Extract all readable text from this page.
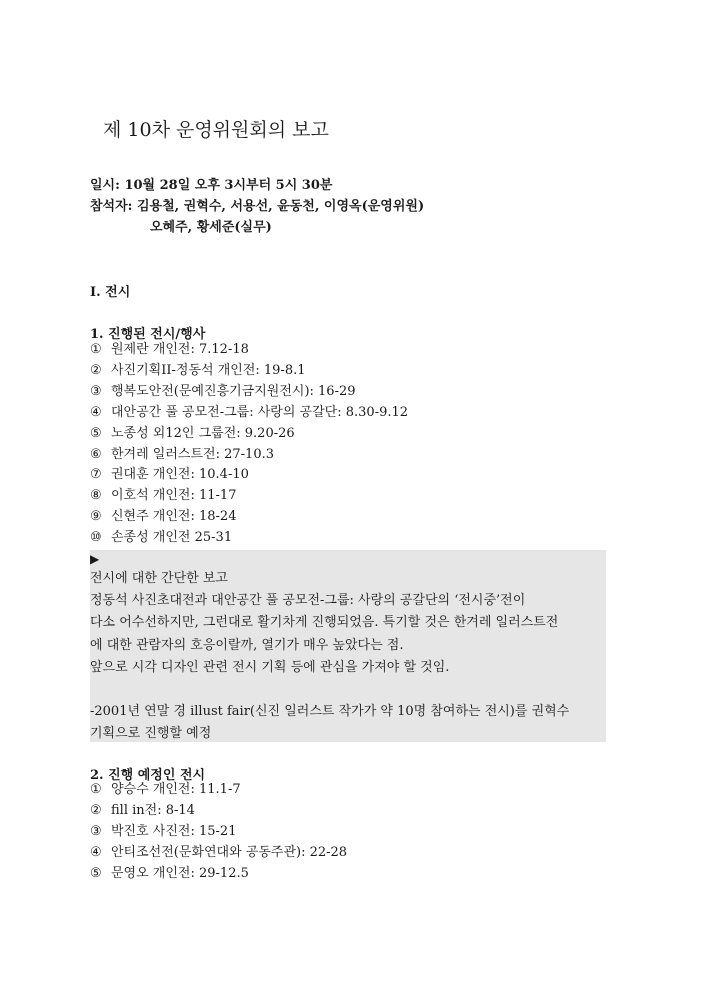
제 10차 운영위원회의 보고
일시: 10월 28일 오후 3시부터 5시 30분
참석자: 김용철, 권혁수, 서용선, 윤동천, 이영옥(운영위원)
오혜주, 황세준(실무)
I. 전시
1. 진행된 전시/행사
① 원제란 개인전: 7.12-18
② 사진기획II-정동석 개인전: 19-8.1
③ 행복도안전(문예진흥기금지원전시): 16-29
④ 대안공간 풀 공모전-그룹: 사랑의 공갈단: 8.30-9.12
⑤ 노종성 외12인 그룹전: 9.20-26
⑥ 한겨레 일러스트전: 27-10.3
⑦ 권대훈 개인전: 10.4-10
⑧ 이호석 개인전: 11-17
⑨ 신현주 개인전: 18-24
⑩ 손종성 개인전 25-31
▶

전시에 대한 간단한 보고

정동석 사진초대전과 대안공간 풀 공모전-그룹: 사랑의 공갈단의 ‘전시중’전이

다소 어수선하지만, 그런대로 활기차게 진행되었음. 특기할 것은 한겨레 일러스트전

에 대한 관람자의 호응이랄까, 열기가 매우 높았다는 점.

앞으로 시각 디자인 관련 전시 기획 등에 관심을 가져야 할 것임.

-2001년 연말 경 illust fair(신진 일러스트 작가가 약 10명 참여하는 전시)를 권혁수

기획으로 진행할 예정

2. 진행 예정인 전시
① 양승수 개인전: 11.1-7
② fill in전: 8-14
③ 박진호 사진전: 15-21
④ 안티조선전(문화연대와 공동주관): 22-28
⑤ 문영오 개인전: 29-12.5
